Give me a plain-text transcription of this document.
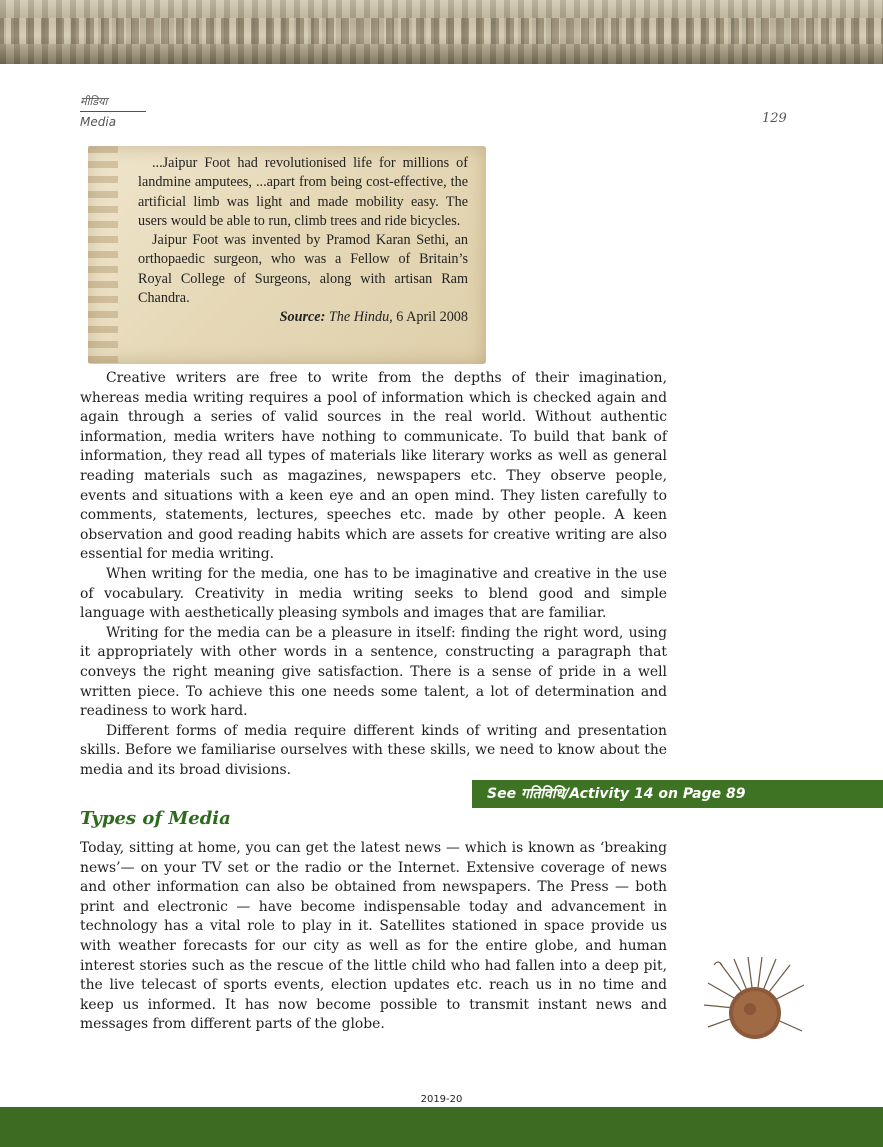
मीडिया
Media	129

...Jaipur Foot had revolutionised life for millions of landmine amputees, ...apart from being cost-effective, the artificial limb was light and made mobility easy. The users would be able to run, climb trees and ride bicycles.

Jaipur Foot was invented by Pramod Karan Sethi, an orthopaedic surgeon, who was a Fellow of Britain’s Royal College of Surgeons, along with artisan Ram Chandra.

Source: The Hindu, 6 April 2008

Creative writers are free to write from the depths of their imagination, whereas media writing requires a pool of information which is checked again and again through a series of valid sources in the real world. Without authentic information, media writers have nothing to communicate. To build that bank of information, they read all types of materials like literary works as well as general reading materials such as magazines, newspapers etc. They observe people, events and situations with a keen eye and an open mind. They listen carefully to comments, statements, lectures, speeches etc. made by other people. A keen observation and good reading habits which are assets for creative writing are also essential for media writing.

When writing for the media, one has to be imaginative and creative in the use of vocabulary. Creativity in media writing seeks to blend good and simple language with aesthetically pleasing symbols and images that are familiar.

Writing for the media can be a pleasure in itself: finding the right word, using it appropriately with other words in a sentence, constructing a paragraph that conveys the right meaning give satisfaction. There is a sense of pride in a well written piece. To achieve this one needs some talent, a lot of determination and readiness to work hard.

Different forms of media require different kinds of writing and presentation skills. Before we familiarise ourselves with these skills, we need to know about the media and its broad divisions.

See गतिविधि/Activity 14 on Page 89
Types of Media

Today, sitting at home, you can get the latest news — which is known as ‘breaking news’— on your TV set or the radio or the Internet. Extensive coverage of news and other information can also be obtained from newspapers. The Press — both print and electronic — have become indispensable today and advancement in technology has a vital role to play in it. Satellites stationed in space provide us with weather forecasts for our city as well as for the entire globe, and human interest stories such as the rescue of the little child who had fallen into a deep pit, the live telecast of sports events, election updates etc. reach us in no time and keep us informed. It has now become possible to transmit instant news and messages from different parts of the globe.

2019-20
